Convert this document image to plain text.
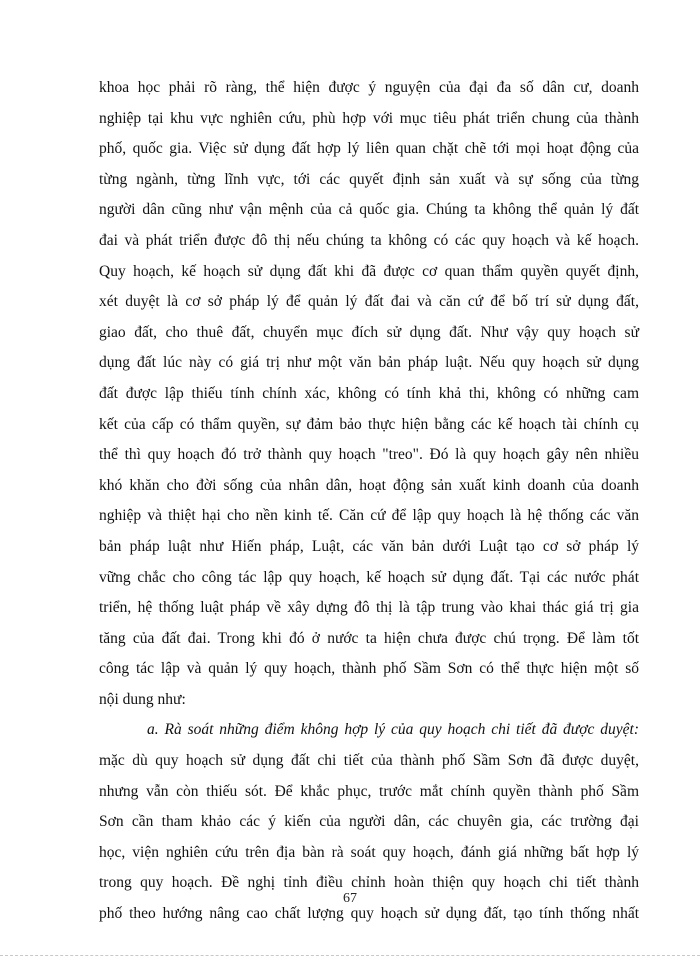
khoa học phải rõ ràng, thể hiện được ý nguyện của đại đa số dân cư, doanh
nghiệp tại khu vực nghiên cứu, phù hợp với mục tiêu phát triển chung của thành
phố, quốc gia. Việc sử dụng đất hợp lý liên quan chặt chẽ tới mọi hoạt động của
từng ngành, từng lĩnh vực, tới các quyết định sản xuất và sự sống của từng
người dân cũng như vận mệnh của cả quốc gia. Chúng ta không thể quản lý đất
đai và phát triển được đô thị nếu chúng ta không có các quy hoạch và kế hoạch.
Quy hoạch, kế hoạch sử dụng đất khi đã được cơ quan thẩm quyền quyết định,
xét duyệt là cơ sở pháp lý để quản lý đất đai và căn cứ để bố trí sử dụng đất,
giao đất, cho thuê đất, chuyển mục đích sử dụng đất. Như vậy quy hoạch sử
dụng đất lúc này có giá trị như một văn bản pháp luật. Nếu quy hoạch sử dụng
đất được lập thiếu tính chính xác, không có tính khả thi, không có những cam
kết của cấp có thẩm quyền, sự đảm bảo thực hiện bằng các kế hoạch tài chính cụ
thể thì quy hoạch đó trở thành quy hoạch "treo". Đó là quy hoạch gây nên nhiều
khó khăn cho đời sống của nhân dân, hoạt động sản xuất kinh doanh của doanh
nghiệp và thiệt hại cho nền kinh tế. Căn cứ để lập quy hoạch là hệ thống các văn
bản pháp luật như Hiến pháp, Luật, các văn bản dưới Luật tạo cơ sở pháp lý
vững chắc cho công tác lập quy hoạch, kế hoạch sử dụng đất. Tại các nước phát
triển, hệ thống luật pháp về xây dựng đô thị là tập trung vào khai thác giá trị gia
tăng của đất đai. Trong khi đó ở nước ta hiện chưa được chú trọng. Để làm tốt
công tác lập và quản lý quy hoạch, thành phố Sầm Sơn có thể thực hiện một số
nội dung như:
a. Rà soát những điểm không hợp lý của quy hoạch chi tiết đã được duyệt:
mặc dù quy hoạch sử dụng đất chi tiết của thành phố Sầm Sơn đã được duyệt,
nhưng vẫn còn thiếu sót. Để khắc phục, trước mắt chính quyền thành phố Sầm
Sơn cần tham khảo các ý kiến của người dân, các chuyên gia, các trường đại
học, viện nghiên cứu trên địa bàn rà soát quy hoạch, đánh giá những bất hợp lý
trong quy hoạch. Đề nghị tỉnh điều chỉnh hoàn thiện quy hoạch chi tiết thành
phố theo hướng nâng cao chất lượng quy hoạch sử dụng đất, tạo tính thống nhất
67
